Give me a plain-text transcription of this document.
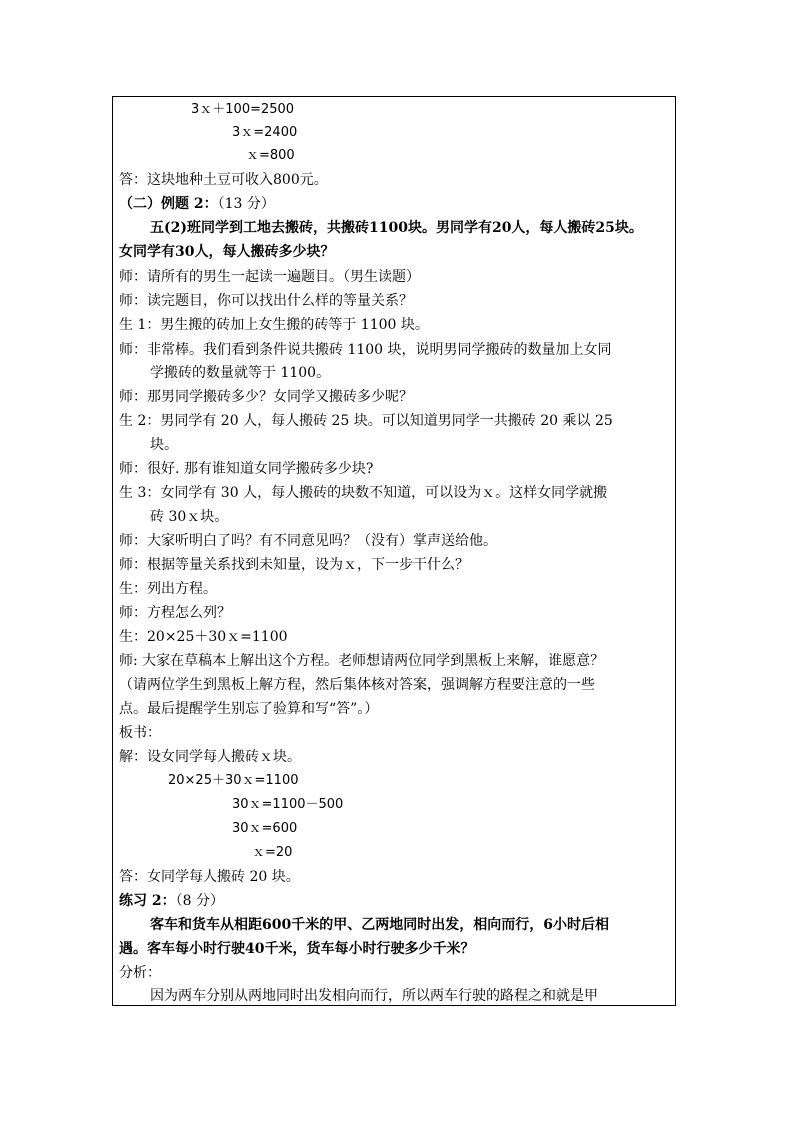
3ｘ＋100=2500
3ｘ=2400
ｘ=800
答：这块地种土豆可收入800元。
（二）例题 2：（13 分）
五(2)班同学到工地去搬砖，共搬砖1100块。男同学有20人，每人搬砖25块。
女同学有30人，每人搬砖多少块？
师：请所有的男生一起读一遍题目。（男生读题）
师：读完题目，你可以找出什么样的等量关系？
生 1：男生搬的砖加上女生搬的砖等于 1100 块。
师：非常棒。我们看到条件说共搬砖 1100 块，说明男同学搬砖的数量加上女同
学搬砖的数量就等于 1100。
师：那男同学搬砖多少？女同学又搬砖多少呢？
生 2：男同学有 20 人，每人搬砖 25 块。可以知道男同学一共搬砖 20 乘以 25
块。
师：很好. 那有谁知道女同学搬砖多少块?
生 3：女同学有 30 人，每人搬砖的块数不知道，可以设为ｘ。这样女同学就搬
砖 30ｘ块。
师：大家听明白了吗？有不同意见吗？（没有）掌声送给他。
师：根据等量关系找到未知量，设为ｘ，下一步干什么？
生：列出方程。
师：方程怎么列？
生：20×25＋30ｘ=1100
师: 大家在草稿本上解出这个方程。老师想请两位同学到黑板上来解，谁愿意？
（请两位学生到黑板上解方程，然后集体核对答案，强调解方程要注意的一些
点。最后提醒学生别忘了验算和写“答”。）
板书：
解：设女同学每人搬砖ｘ块。
20×25＋30ｘ=1100
30ｘ=1100－500
30ｘ=600
ｘ=20
答：女同学每人搬砖 20 块。
练习 2：（8 分）
客车和货车从相距600千米的甲、乙两地同时出发，相向而行，6小时后相
遇。客车每小时行驶40千米，货车每小时行驶多少千米？
分析：
因为两车分别从两地同时出发相向而行，所以两车行驶的路程之和就是甲
